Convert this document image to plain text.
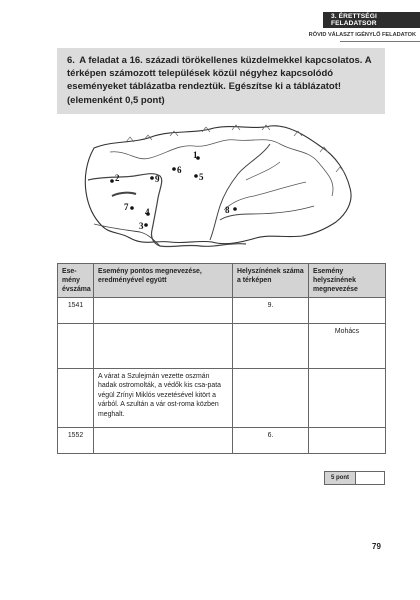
3. ÉRETTSÉGI FELADATSOR
RÖVID VÁLASZT IGÉNYLŐ FELADATOK
6. A feladat a 16. századi törökellenes küzdelmekkel kapcsolatos. A térképen számozott települések közül négyhez kapcsolódó eseményeket táblázatba rendeztük. Egészítse ki a táblázatot! (elemenként 0,5 pont)
1
2
3
4
5
6
7	8
9
Ese-
mény
évszáma	Esemény pontos megnevezése, eredményével együtt	Helyszínének száma a térképen	Esemény helyszínének megnevezése
1541		9.	
			Mohács
	A várat a Szulejmán vezette oszmán hadak ostromolták, a védők kis csa-pata végül Zrínyi Miklós vezetésével kitört a várból. A szultán a vár ost-roma közben meghalt.		
1552		6.	
5 pont
79
